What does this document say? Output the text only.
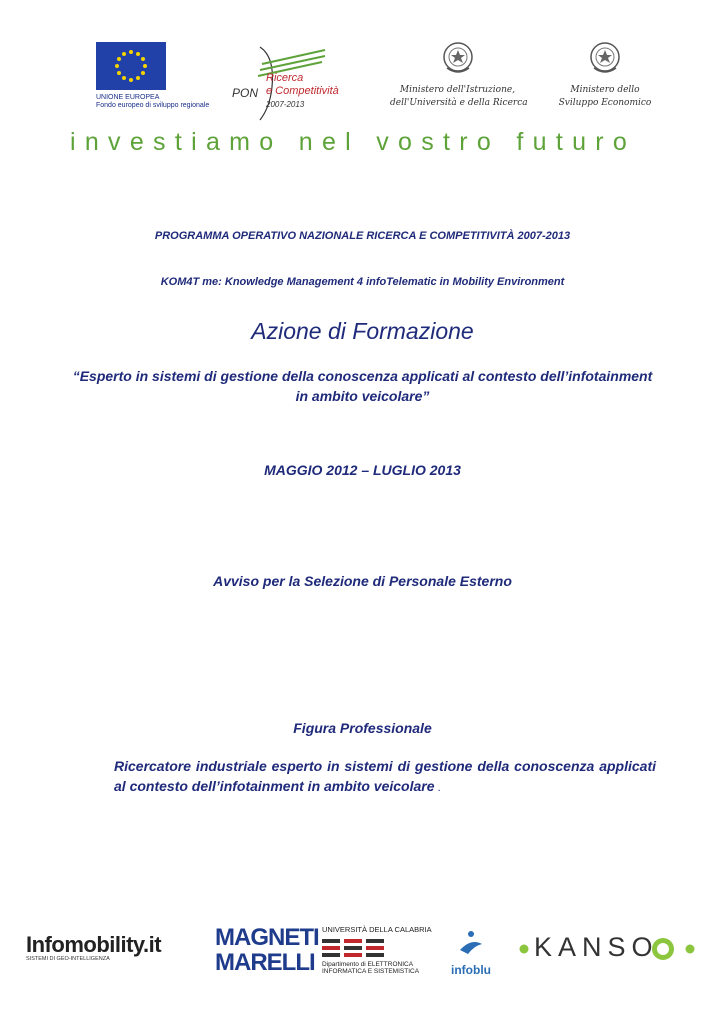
UNIONE EUROPEA
Fondo europeo di sviluppo regionale
PON
Ricerca
e Competitività
2007-2013
Ministero dell'Istruzione,
dell'Università e della Ricerca
Ministero dello
Sviluppo Economico
investiamo nel vostro futuro
PROGRAMMA OPERATIVO NAZIONALE RICERCA E COMPETITIVITÀ 2007-2013
KOM4T me: Knowledge Management 4 infoTelematic in Mobility Environment
Azione di Formazione
“Esperto in sistemi di gestione della conoscenza applicati al contesto dell’infotainment in ambito veicolare”
MAGGIO 2012 – LUGLIO 2013
Avviso per la Selezione di Personale Esterno
Figura Professionale
Ricercatore industriale esperto in sistemi di gestione della conoscenza applicati al contesto dell’infotainment in ambito veicolare .
Infomobility.it
SISTEMI DI GEO-INTELLIGENZA
MAGNETI
MARELLI
UNIVERSITÀ DELLA CALABRIA
Dipartimento di ELETTRONICA
INFORMATICA E SISTEMISTICA	infoblu
KANSO
